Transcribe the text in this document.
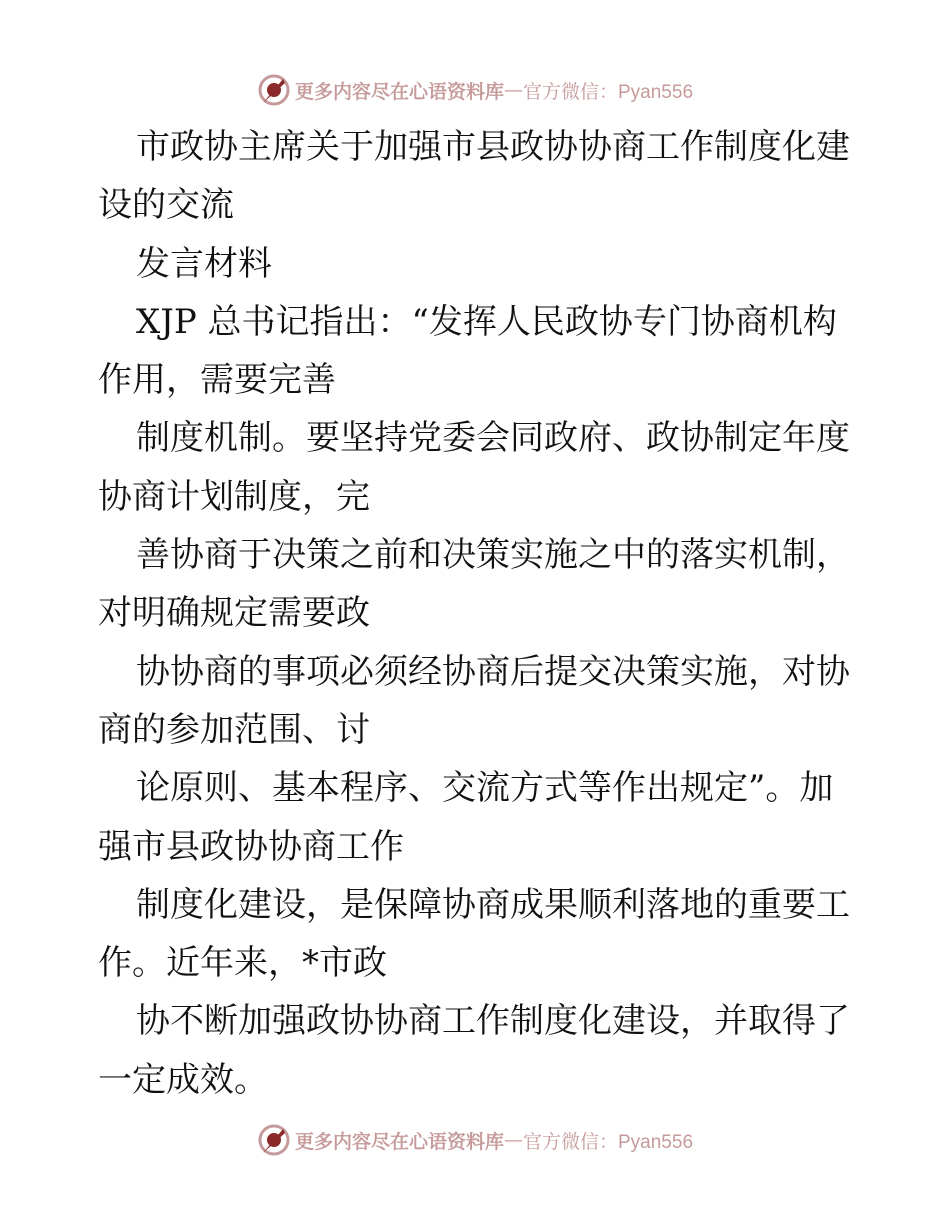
更多内容尽在心语资料库 — 官方微信：Pyan556

市政协主席关于加强市县政协协商工作制度化建设的交流

发言材料

XJP 总书记指出：“发挥人民政协专门协商机构作用，需要完善

制度机制。要坚持党委会同政府、政协制定年度协商计划制度，完

善协商于决策之前和决策实施之中的落实机制，对明确规定需要政

协协商的事项必须经协商后提交决策实施，对协商的参加范围、讨

论原则、基本程序、交流方式等作出规定”。加强市县政协协商工作

制度化建设，是保障协商成果顺利落地的重要工作。近年来，*市政

协不断加强政协协商工作制度化建设，并取得了一定成效。

更多内容尽在心语资料库 — 官方微信：Pyan556
